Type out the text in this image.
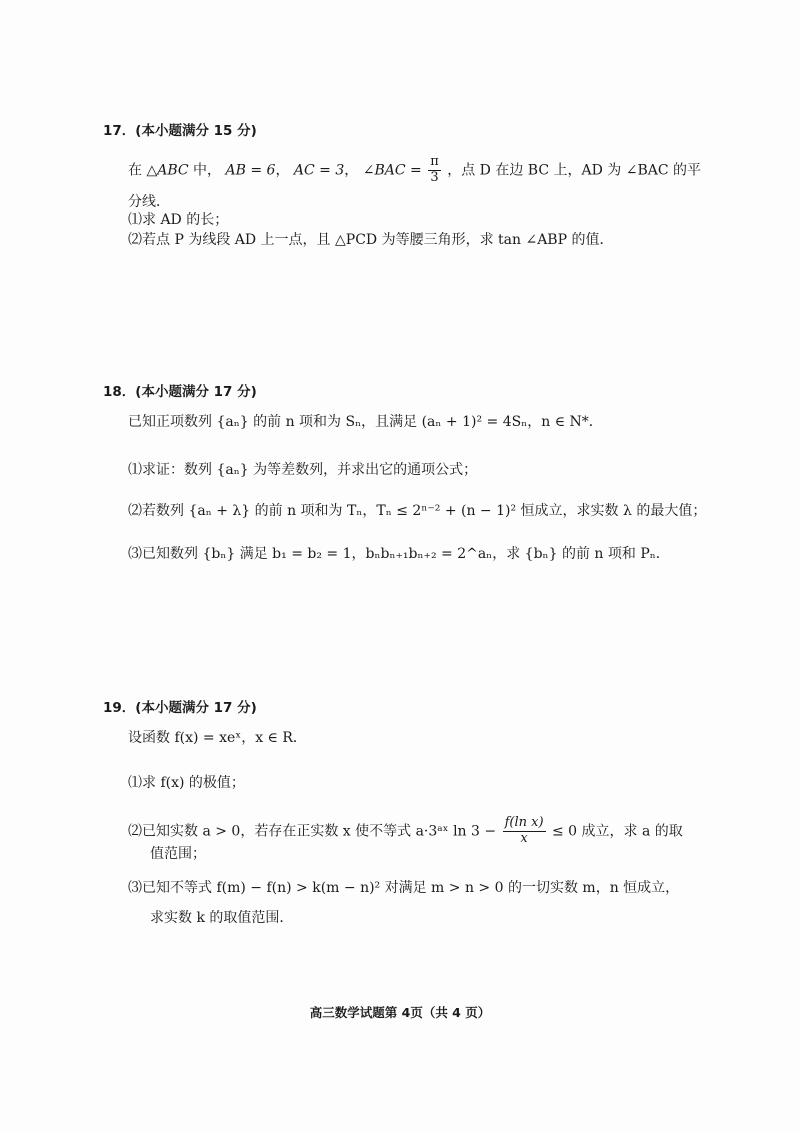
17．(本小题满分 15 分)
在 △ABC 中， AB = 6， AC = 3， ∠BAC = $\frac{\pi}{3}$ ，点 D 在边 BC 上，AD 为 ∠BAC 的平
分线．
⑴求 AD 的长；
⑵若点 P 为线段 AD 上一点，且 △PCD 为等腰三角形，求 tan ∠ABP 的值．
18．(本小题满分 17 分)
已知正项数列 {aₙ} 的前 n 项和为 Sₙ，且满足 (aₙ + 1)² = 4Sₙ，n ∈ N*．
⑴求证：数列 {aₙ} 为等差数列，并求出它的通项公式；
⑵若数列 {aₙ + λ} 的前 n 项和为 Tₙ，Tₙ ≤ 2ⁿ⁻² + (n − 1)² 恒成立，求实数 λ 的最大值；
⑶已知数列 {bₙ} 满足 b₁ = b₂ = 1，bₙbₙ₊₁bₙ₊₂ = 2^aₙ，求 {bₙ} 的前 n 项和 Pₙ．
19．(本小题满分 17 分)
设函数 f(x) = xeˣ，x ∈ R．
⑴求 f(x) 的极值；
⑵已知实数 a > 0，若存在正实数 x 使不等式 a·3ᵃˣ $\ln 3 - \frac{\text{f(ln x)}}{x} \le 0$ 成立，求 a 的取
值范围；
⑶已知不等式 f(m) − f(n) > k(m − n)² 对满足 m > n > 0 的一切实数 m，n 恒成立，
求实数 k 的取值范围．
高三数学试题第 4页（共 4 页）
